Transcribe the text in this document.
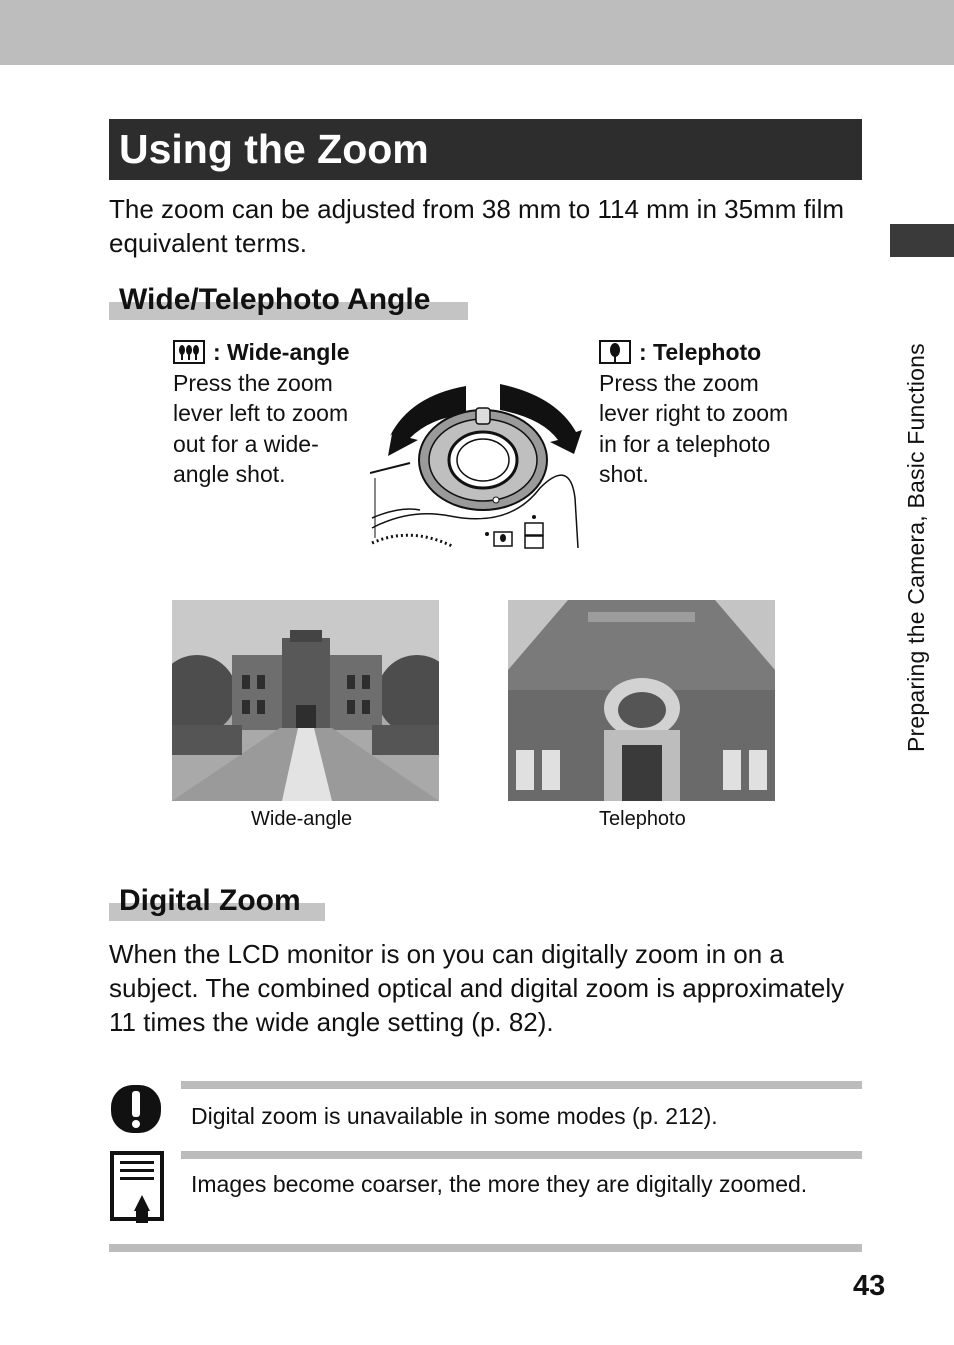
Using the Zoom
The zoom can be adjusted from 38 mm to 114 mm in 35mm film equivalent terms.
Preparing the Camera, Basic Functions
Wide/Telephoto Angle
: Wide-angle
Press the zoom lever left to zoom out for a wide-angle shot.
: Telephoto
Press the zoom lever right to zoom in for a telephoto shot.
Wide-angle	Telephoto
Digital Zoom
When the LCD monitor is on you can digitally zoom in on a subject. The combined optical and digital zoom is approximately 11 times the wide angle setting (p. 82).
Digital zoom is unavailable in some modes (p. 212).
Images become coarser, the more they are digitally zoomed.
43
